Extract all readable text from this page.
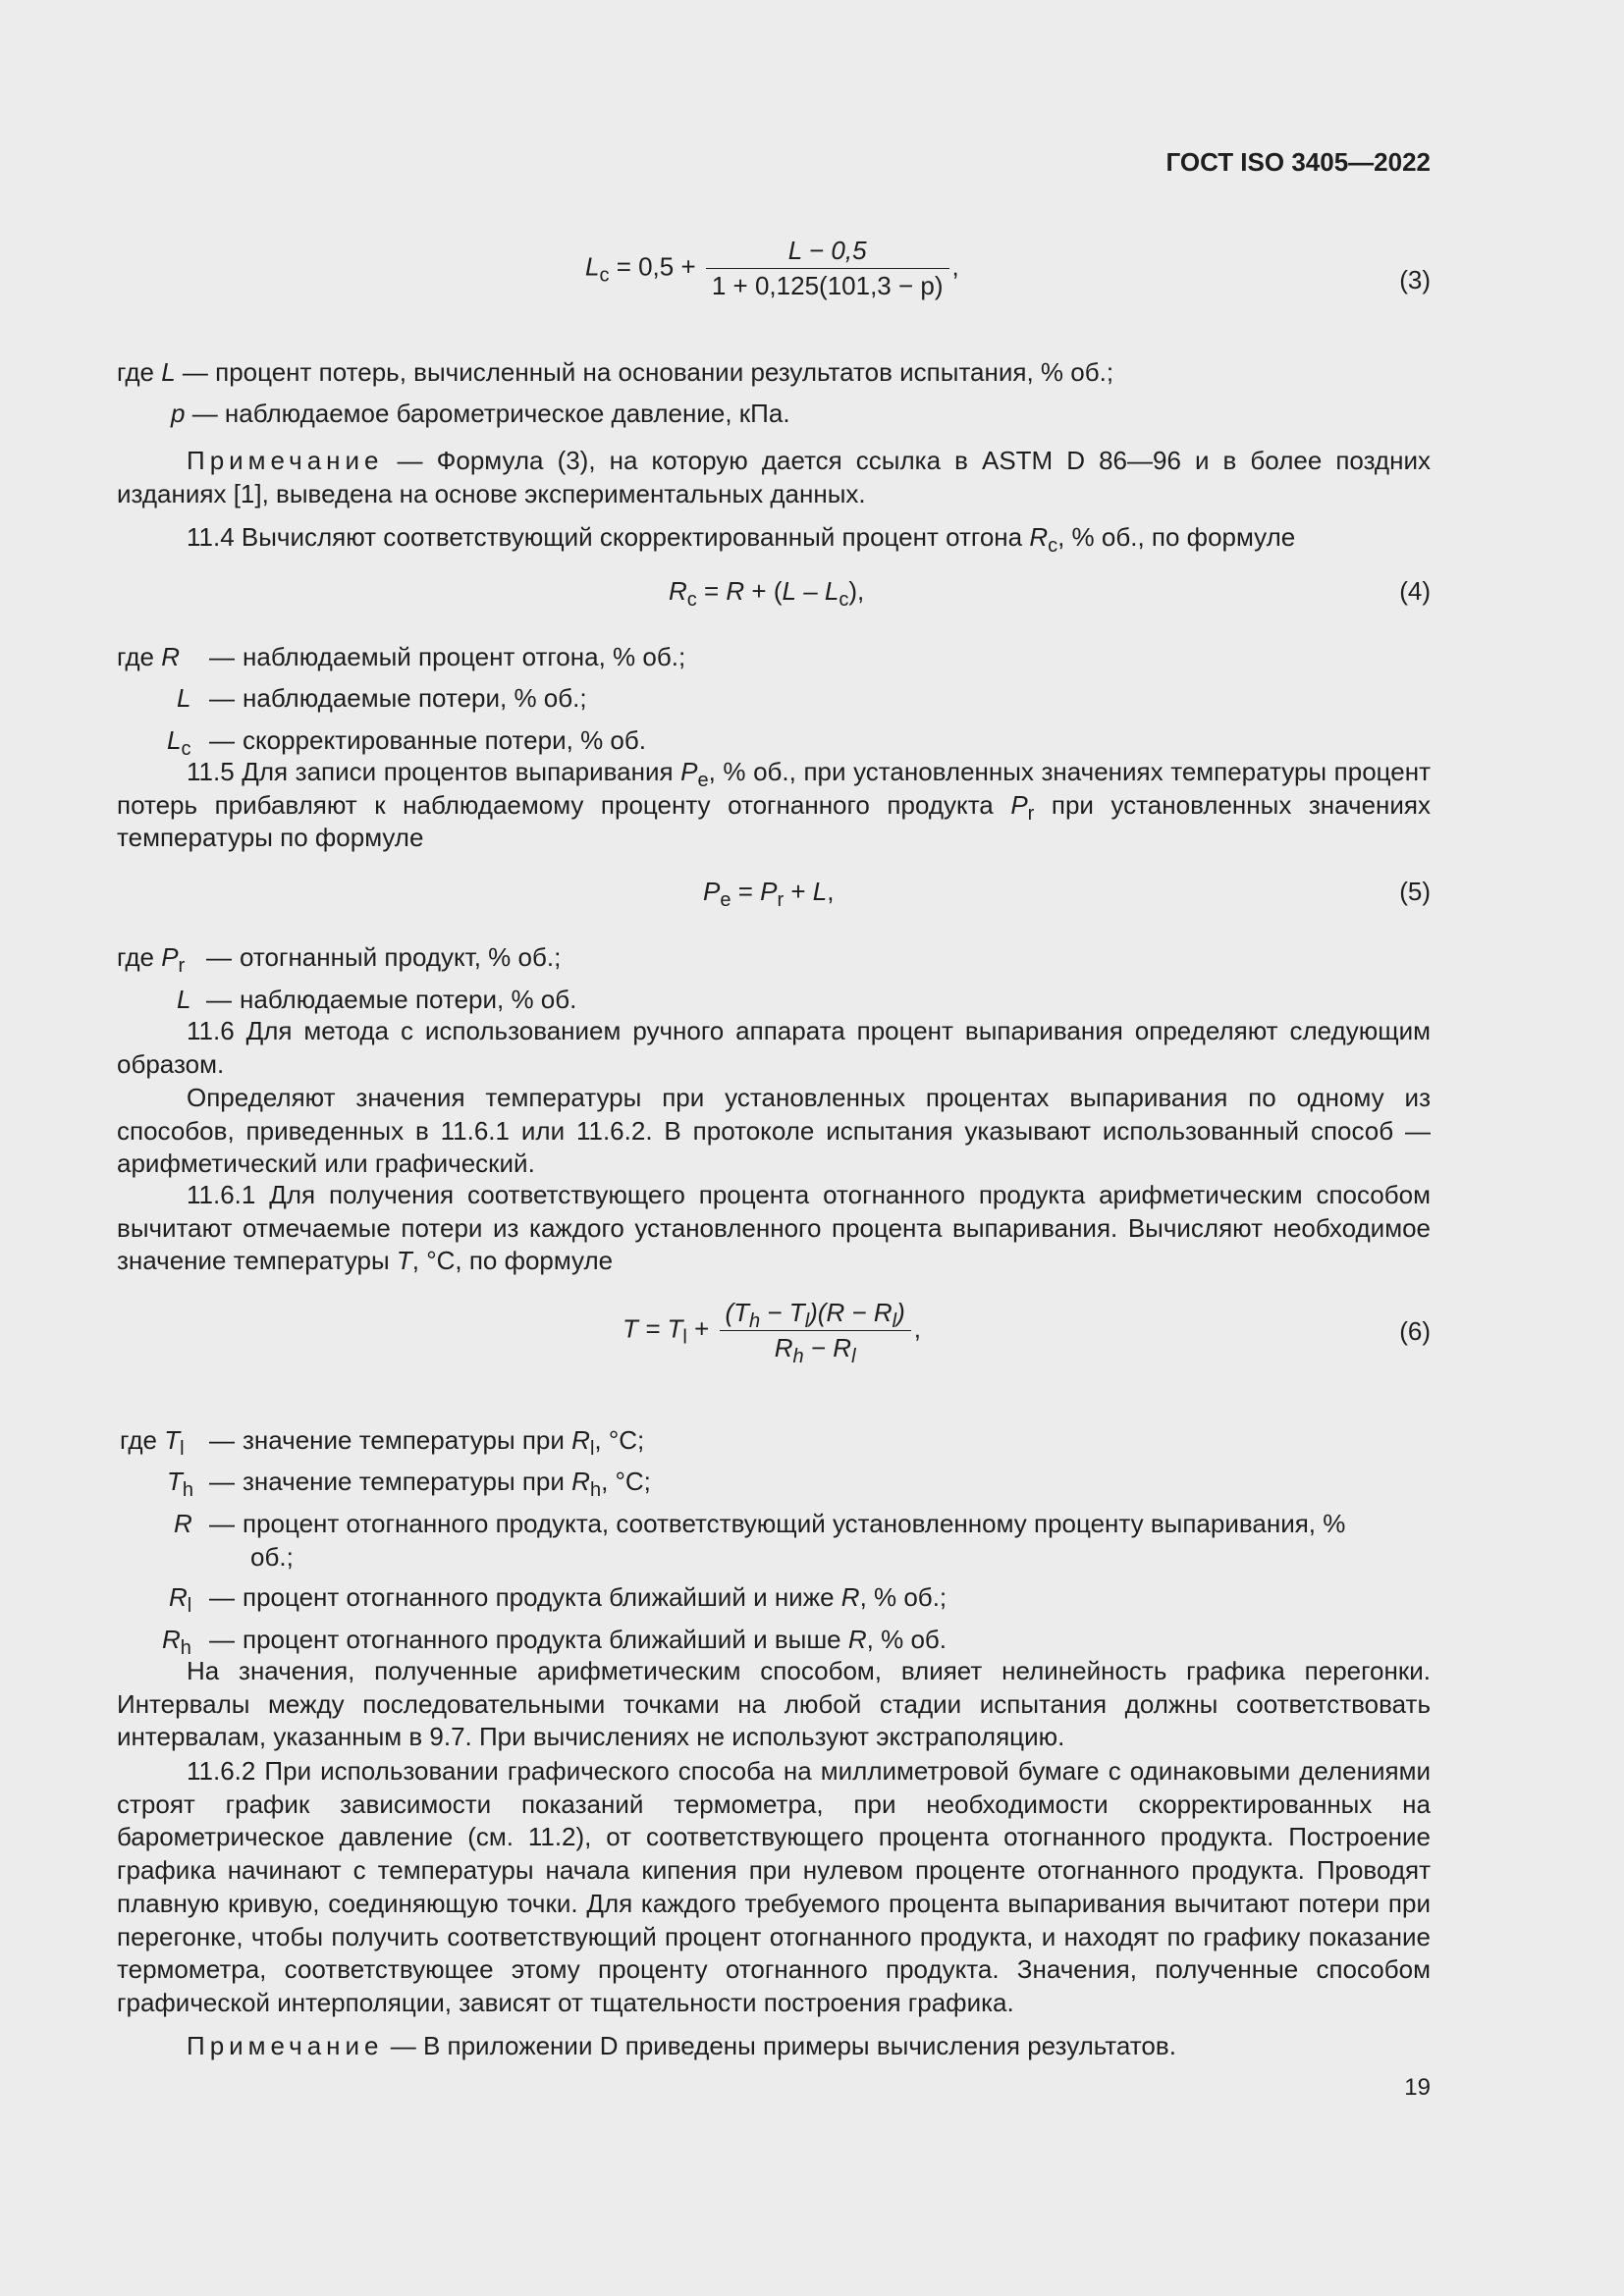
ГОСТ ISO 3405—2022
$L_c = 0,5 + \frac{L - 0,5}{1 + 0,125(101,3 - p)}$ ,	(3)
где L — процент потерь, вычисленный на основании результатов испытания, % об.;
p — наблюдаемое барометрическое давление, кПа.
Примечание — Формула (3), на которую дается ссылка в ASTM D 86—96 и в более поздних изданиях [1], выведена на основе экспериментальных данных.
11.4 Вычисляют соответствующий скорректированный процент отгона $R_c$, % об., по формуле
$R_c = R + (L - L_c)$,	(4)
где R	— наблюдаемый процент отгона, % об.;
L — наблюдаемые потери, % об.;
$L_c$ — скорректированные потери, % об.
11.5 Для записи процентов выпаривания $P_e$, % об., при установленных значениях температуры процент потерь прибавляют к наблюдаемому проценту отогнанного продукта $P_r$ при установленных значениях температуры по формуле
$P_e = P_r + L$,	(5)
где $P_r$ — отогнанный продукт, % об.;
L — наблюдаемые потери, % об.
11.6 Для метода с использованием ручного аппарата процент выпаривания определяют следующим образом.
Определяют значения температуры при установленных процентах выпаривания по одному из способов, приведенных в 11.6.1 или 11.6.2. В протоколе испытания указывают использованный способ — арифметический или графический.
11.6.1 Для получения соответствующего процента отогнанного продукта арифметическим способом вычитают отмечаемые потери из каждого установленного процента выпаривания. Вычисляют необходимое значение температуры T, °C, по формуле
$T = T_l + \frac{(T_h - T_l)(R - R_l)}{R_h - R_l}$ ,	(6)
где $T_l$ — значение температуры при $R_l$, °C;
$T_h$ — значение температуры при $R_h$, °C;
R — процент отогнанного продукта, соответствующий установленному проценту выпаривания, %
об.;
$R_l$ — процент отогнанного продукта ближайший и ниже R, % об.;
$R_h$ — процент отогнанного продукта ближайший и выше R, % об.
На значения, полученные арифметическим способом, влияет нелинейность графика перегонки. Интервалы между последовательными точками на любой стадии испытания должны соответствовать интервалам, указанным в 9.7. При вычислениях не используют экстраполяцию.
11.6.2 При использовании графического способа на миллиметровой бумаге с одинаковыми делениями строят график зависимости показаний термометра, при необходимости скорректированных на барометрическое давление (см. 11.2), от соответствующего процента отогнанного продукта. Построение графика начинают с температуры начала кипения при нулевом проценте отогнанного продукта. Проводят плавную кривую, соединяющую точки. Для каждого требуемого процента выпаривания вычитают потери при перегонке, чтобы получить соответствующий процент отогнанного продукта, и находят по графику показание термометра, соответствующее этому проценту отогнанного продукта. Значения, полученные способом графической интерполяции, зависят от тщательности построения графика.
Примечание — В приложении D приведены примеры вычисления результатов.
19
